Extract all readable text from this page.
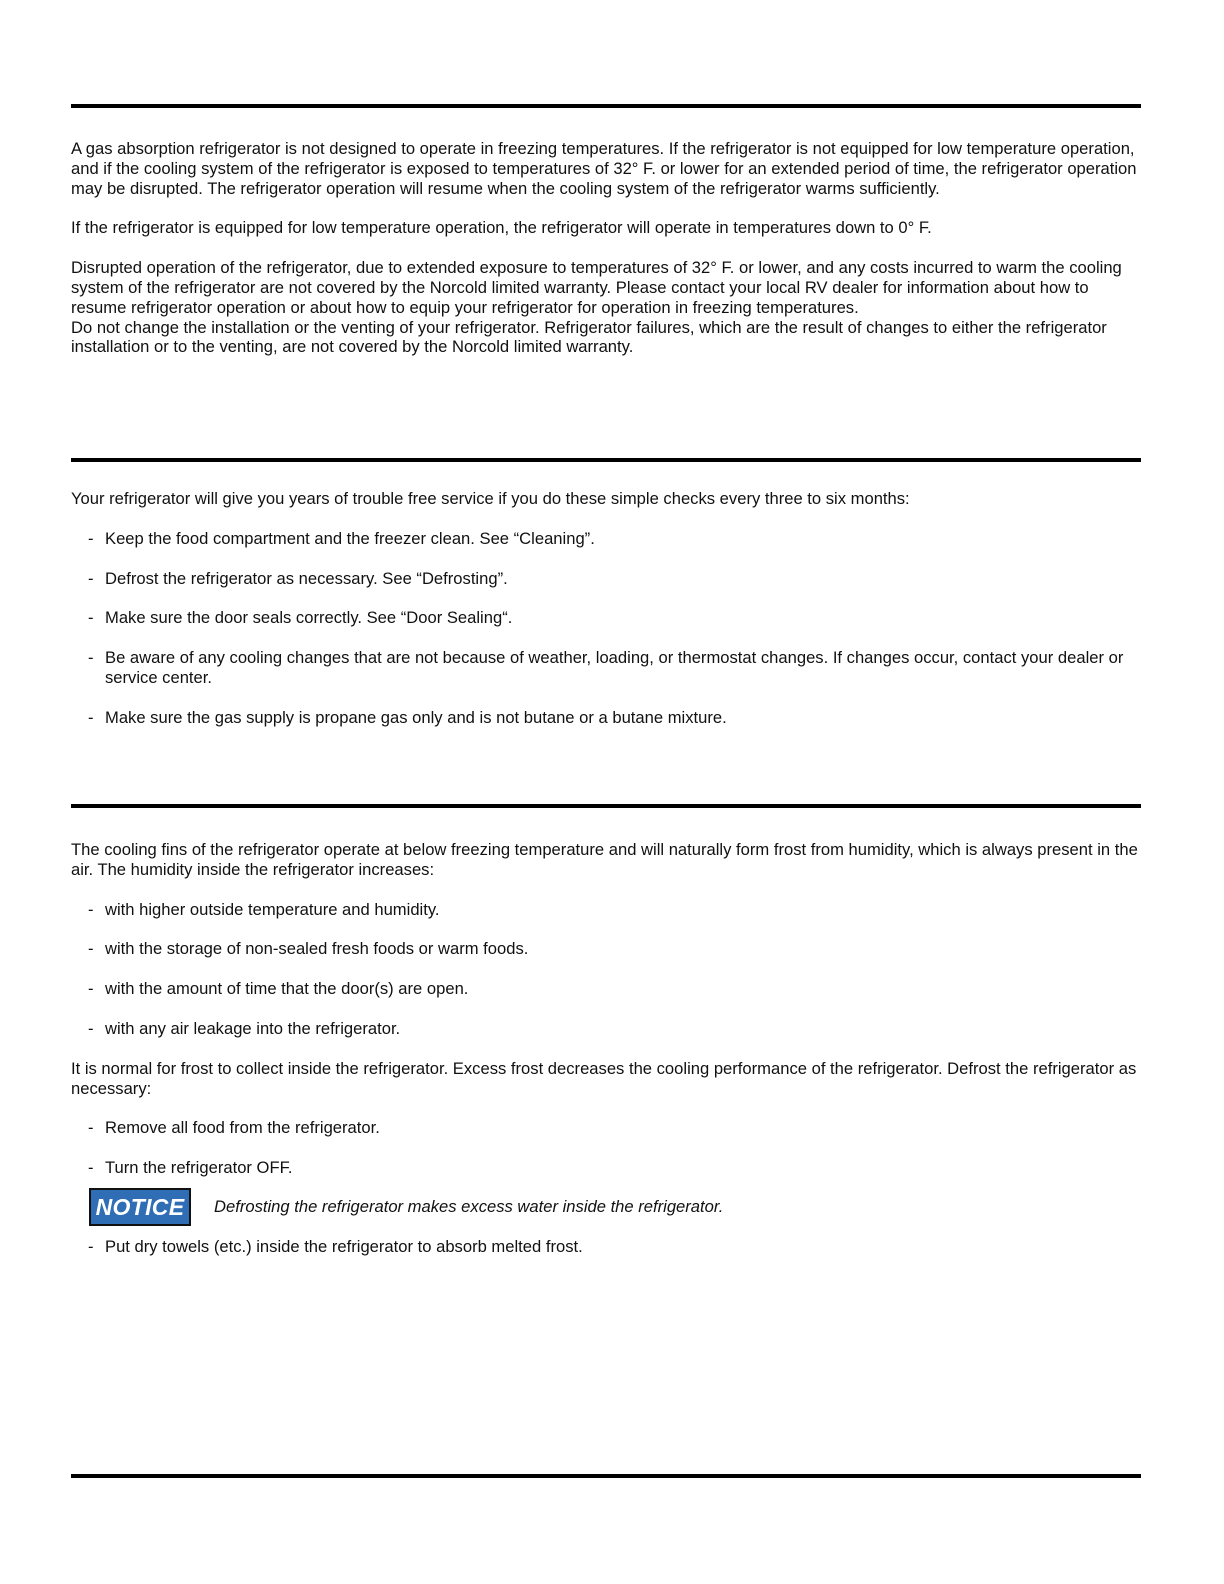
A gas absorption refrigerator is not designed to operate in freezing temperatures. If the refrigerator is not equipped for low temperature operation, and if the cooling system of the refrigerator is exposed to temperatures of 32° F. or lower for an extended period of time, the refrigerator operation may be disrupted. The refrigerator operation will resume when the cooling system of the refrigerator warms sufficiently.

If the refrigerator is equipped for low temperature operation, the refrigerator will operate in temperatures down to 0° F.

Disrupted operation of the refrigerator, due to extended exposure to temperatures of 32° F. or lower, and any costs incurred to warm the cooling system of the refrigerator are not covered by the Norcold limited warranty. Please contact your local RV dealer for information about how to resume refrigerator operation or about how to equip your refrigerator for operation in freezing temperatures.

Do not change the installation or the venting of your refrigerator. Refrigerator failures, which are the result of changes to either the refrigerator installation or to the venting, are not covered by the Norcold limited warranty.

Your refrigerator will give you years of trouble free service if you do these simple checks every three to six months:

- Keep the food compartment and the freezer clean. See “Cleaning”.

- Defrost the refrigerator as necessary. See “Defrosting”.

- Make sure the door seals correctly. See “Door Sealing“.

- Be aware of any cooling changes that are not because of weather, loading, or thermostat changes. If changes occur, contact your dealer or service center.

- Make sure the gas supply is propane gas only and is not butane or a butane mixture.

The cooling fins of the refrigerator operate at below freezing temperature and will naturally form frost from humidity, which is always present in the air. The humidity inside the refrigerator increases:

- with higher outside temperature and humidity.

- with the storage of non-sealed fresh foods or warm foods.

- with the amount of time that the door(s) are open.

- with any air leakage into the refrigerator.

It is normal for frost to collect inside the refrigerator. Excess frost decreases the cooling performance of the refrigerator. Defrost the refrigerator as necessary:

- Remove all food from the refrigerator.

- Turn the refrigerator OFF.

NOTICE	Defrosting the refrigerator makes excess water inside the refrigerator.

- Put dry towels (etc.) inside the refrigerator to absorb melted frost.
